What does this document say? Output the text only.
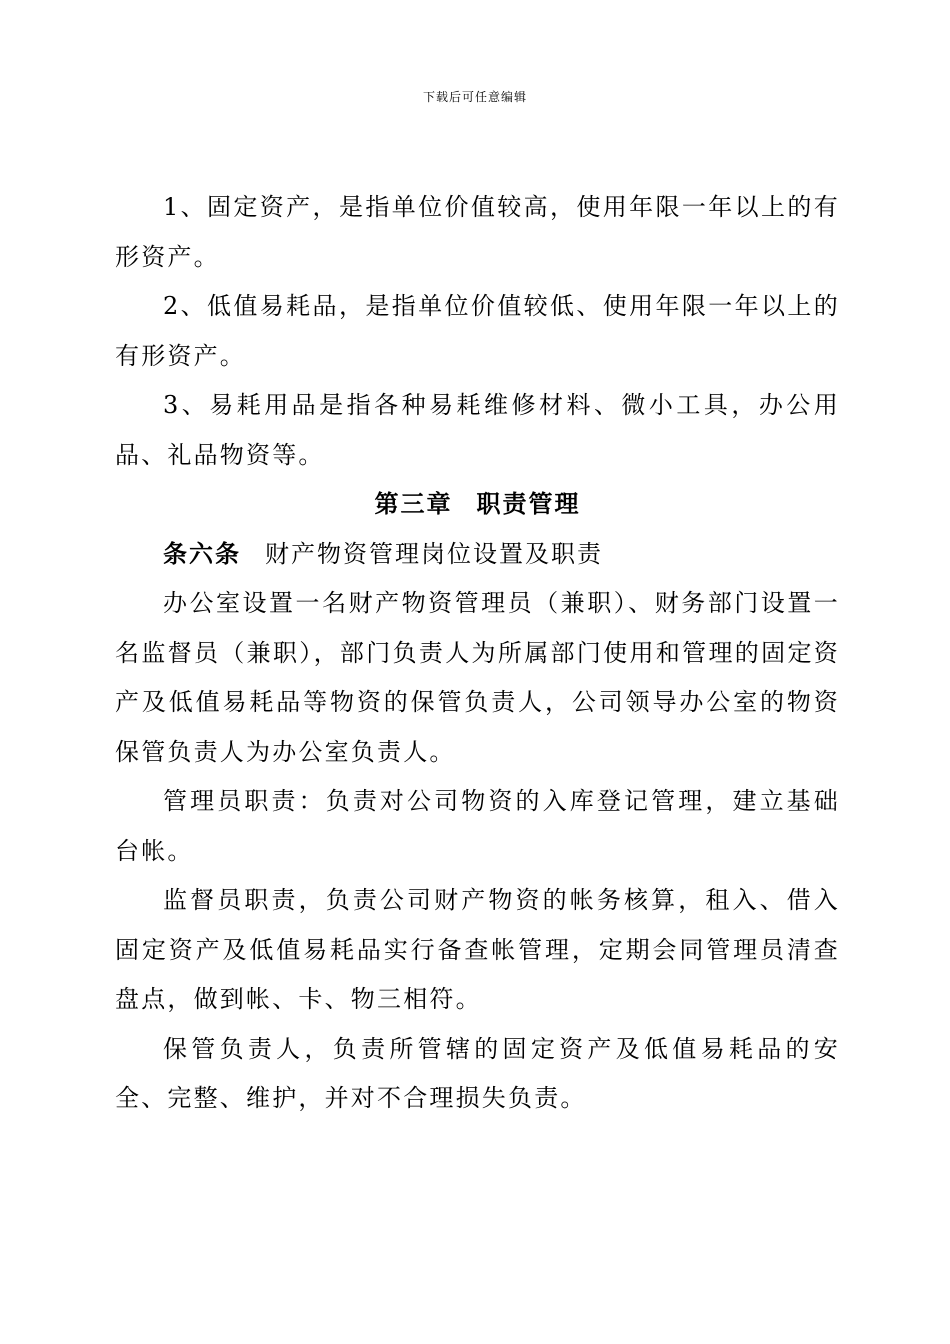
下载后可任意编辑

1、固定资产，是指单位价值较高，使用年限一年以上的有形资产。

2、低值易耗品，是指单位价值较低、使用年限一年以上的有形资产。

3、易耗用品是指各种易耗维修材料、微小工具，办公用品、礼品物资等。

第三章 职责管理

条六条 财产物资管理岗位设置及职责

办公室设置一名财产物资管理员（兼职）、财务部门设置一名监督员（兼职），部门负责人为所属部门使用和管理的固定资产及低值易耗品等物资的保管负责人，公司领导办公室的物资保管负责人为办公室负责人。

管理员职责：负责对公司物资的入库登记管理，建立基础台帐。

监督员职责，负责公司财产物资的帐务核算，租入、借入固定资产及低值易耗品实行备查帐管理，定期会同管理员清查盘点，做到帐、卡、物三相符。

保管负责人，负责所管辖的固定资产及低值易耗品的安全、完整、维护，并对不合理损失负责。
